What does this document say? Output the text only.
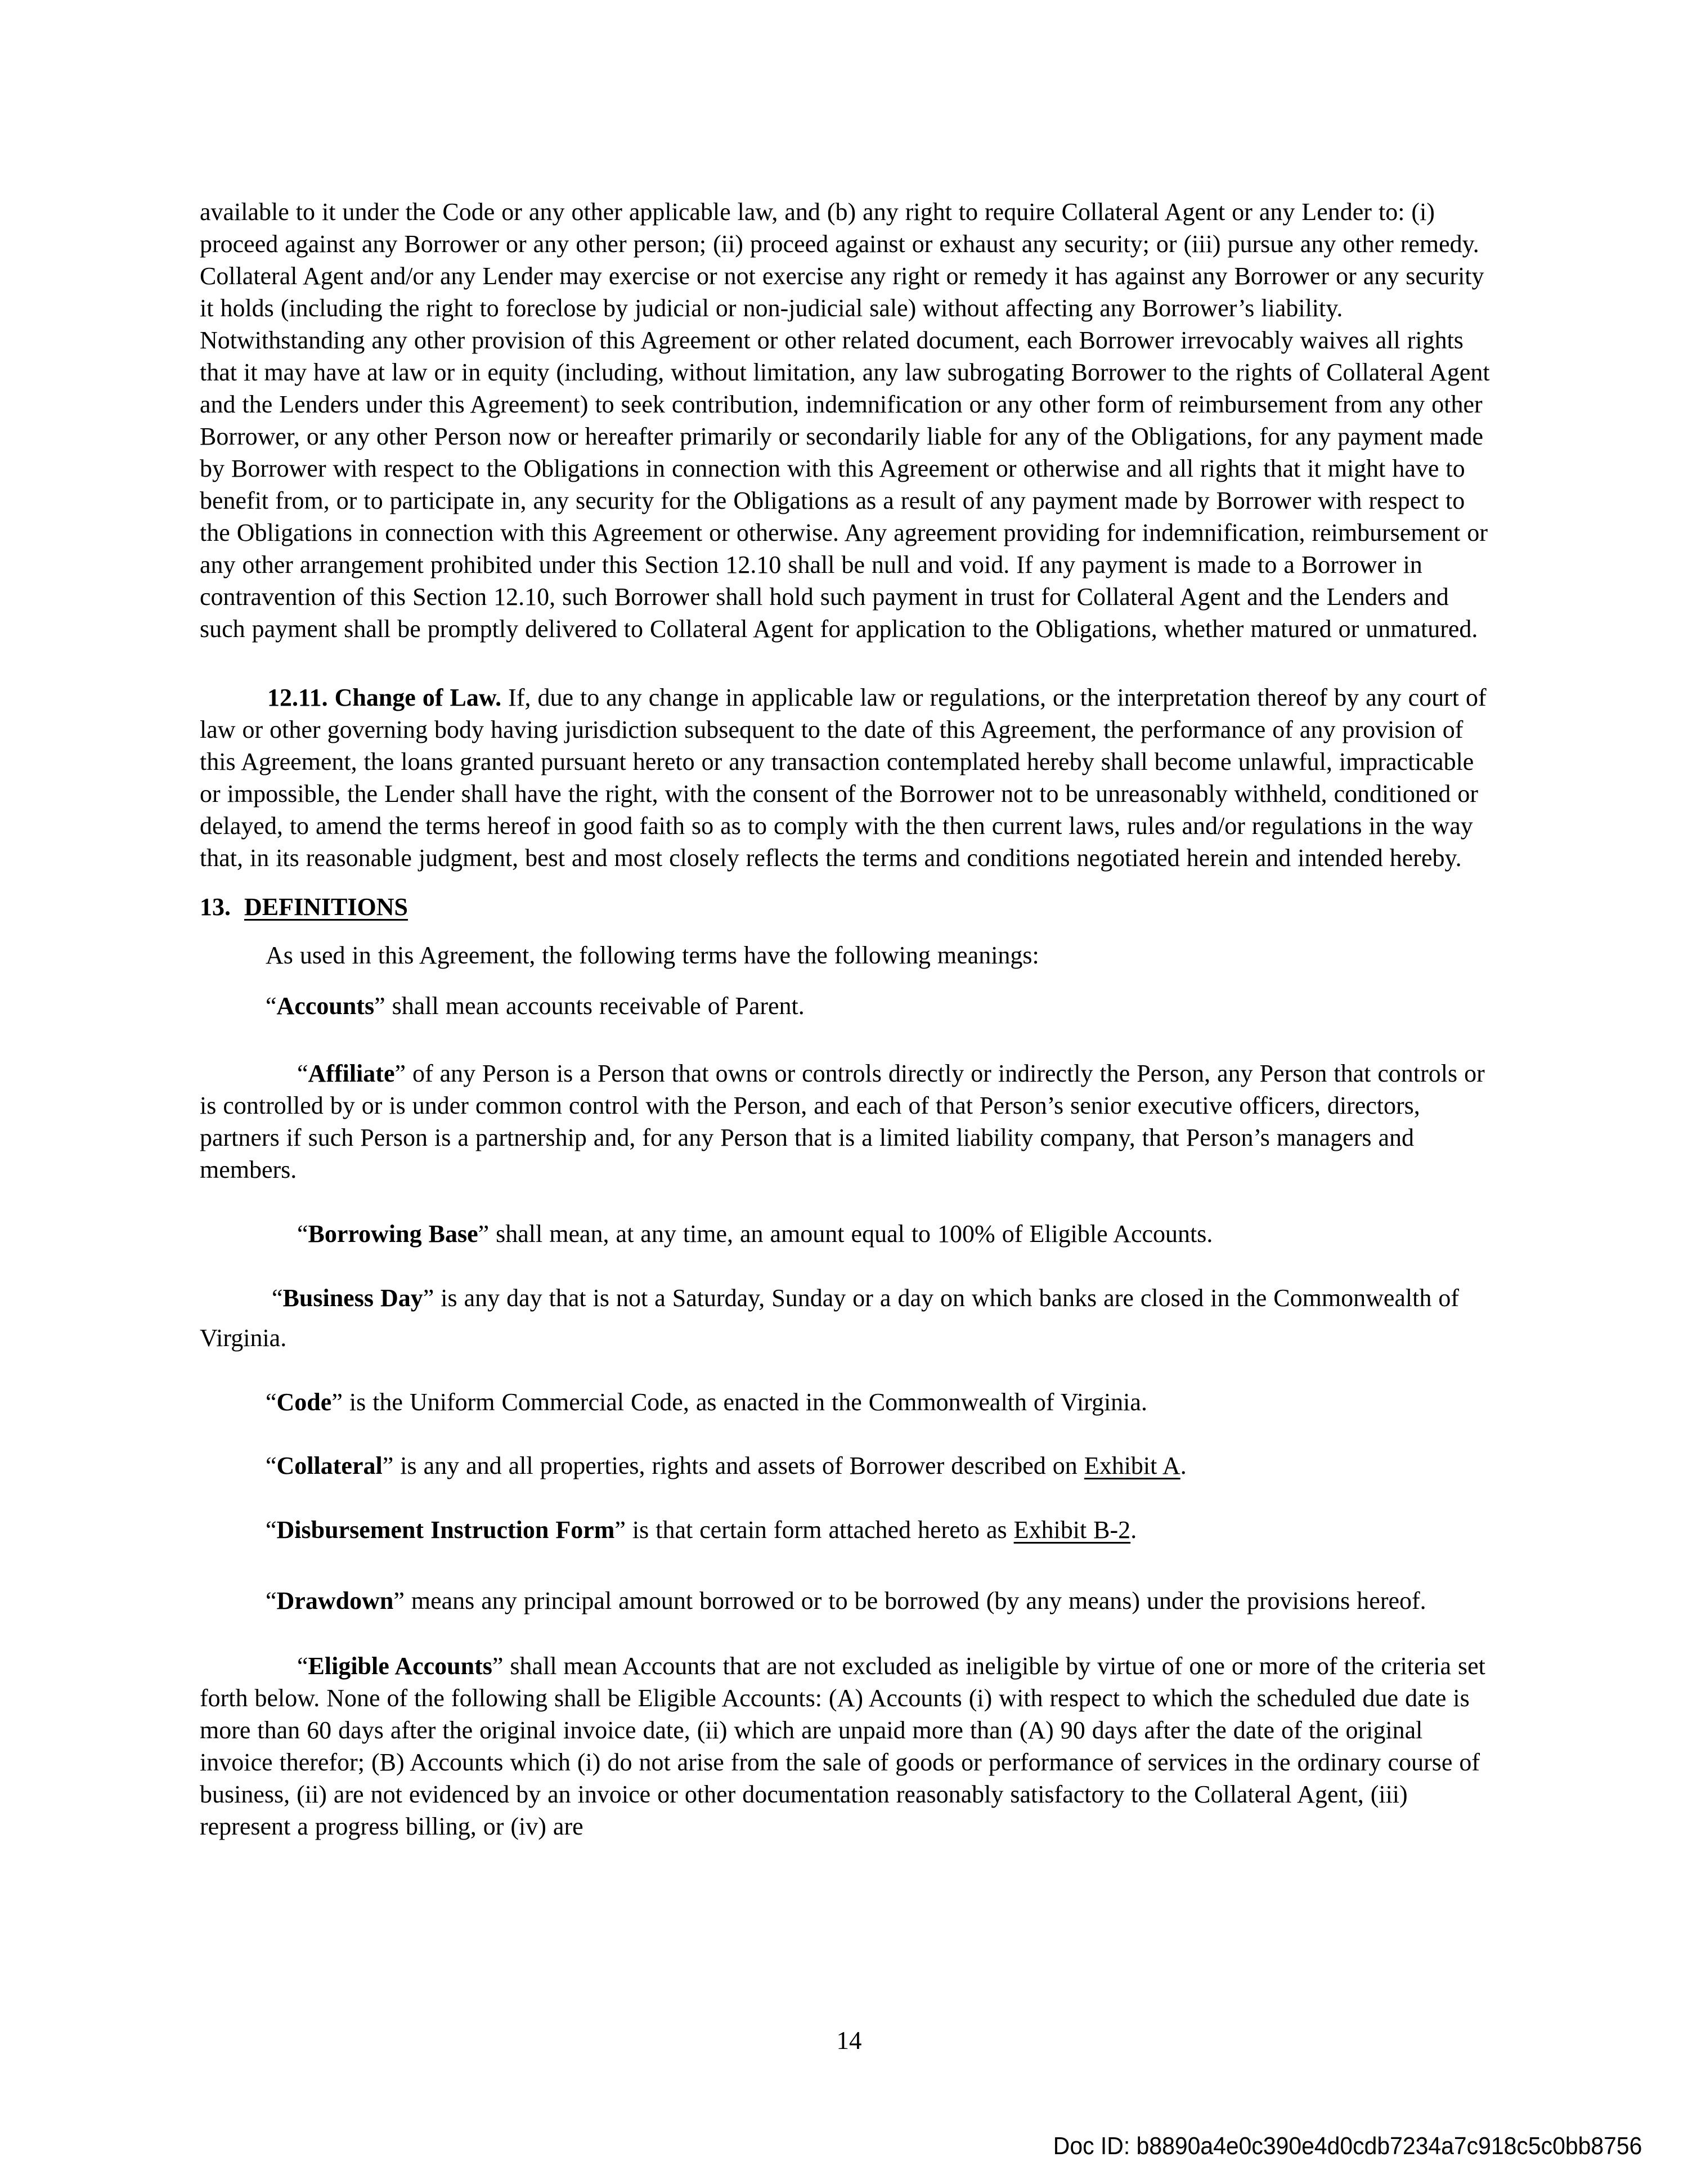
available to it under the Code or any other applicable law, and (b) any right to require Collateral Agent or any Lender to: (i) proceed against any Borrower or any other person; (ii) proceed against or exhaust any security; or (iii) pursue any other remedy. Collateral Agent and/or any Lender may exercise or not exercise any right or remedy it has against any Borrower or any security it holds (including the right to foreclose by judicial or non-judicial sale) without affecting any Borrower’s liability. Notwithstanding any other provision of this Agreement or other related document, each Borrower irrevocably waives all rights that it may have at law or in equity (including, without limitation, any law subrogating Borrower to the rights of Collateral Agent and the Lenders under this Agreement) to seek contribution, indemnification or any other form of reimbursement from any other Borrower, or any other Person now or hereafter primarily or secondarily liable for any of the Obligations, for any payment made by Borrower with respect to the Obligations in connection with this Agreement or otherwise and all rights that it might have to benefit from, or to participate in, any security for the Obligations as a result of any payment made by Borrower with respect to the Obligations in connection with this Agreement or otherwise. Any agreement providing for indemnification, reimbursement or any other arrangement prohibited under this Section 12.10 shall be null and void. If any payment is made to a Borrower in contravention of this Section 12.10, such Borrower shall hold such payment in trust for Collateral Agent and the Lenders and such payment shall be promptly delivered to Collateral Agent for application to the Obligations, whether matured or unmatured.

12.11. Change of Law. If, due to any change in applicable law or regulations, or the interpretation thereof by any court of law or other governing body having jurisdiction subsequent to the date of this Agreement, the performance of any provision of this Agreement, the loans granted pursuant hereto or any transaction contemplated hereby shall become unlawful, impracticable or impossible, the Lender shall have the right, with the consent of the Borrower not to be unreasonably withheld, conditioned or delayed, to amend the terms hereof in good faith so as to comply with the then current laws, rules and/or regulations in the way that, in its reasonable judgment, best and most closely reflects the terms and conditions negotiated herein and intended hereby.

13.  DEFINITIONS

As used in this Agreement, the following terms have the following meanings:

“Accounts” shall mean accounts receivable of Parent.

“Affiliate” of any Person is a Person that owns or controls directly or indirectly the Person, any Person that controls or is controlled by or is under common control with the Person, and each of that Person’s senior executive officers, directors, partners if such Person is a partnership and, for any Person that is a limited liability company, that Person’s managers and members.

“Borrowing Base” shall mean, at any time, an amount equal to 100% of Eligible Accounts.

“Business Day” is any day that is not a Saturday, Sunday or a day on which banks are closed in the Commonwealth of Virginia.

“Code” is the Uniform Commercial Code, as enacted in the Commonwealth of Virginia.

“Collateral” is any and all properties, rights and assets of Borrower described on Exhibit A.

“Disbursement Instruction Form” is that certain form attached hereto as Exhibit B-2.

“Drawdown” means any principal amount borrowed or to be borrowed (by any means) under the provisions hereof.

“Eligible Accounts” shall mean Accounts that are not excluded as ineligible by virtue of one or more of the criteria set forth below. None of the following shall be Eligible Accounts: (A) Accounts (i) with respect to which the scheduled due date is more than 60 days after the original invoice date, (ii) which are unpaid more than (A) 90 days after the date of the original invoice therefor; (B) Accounts which (i) do not arise from the sale of goods or performance of services in the ordinary course of business, (ii) are not evidenced by an invoice or other documentation reasonably satisfactory to the Collateral Agent, (iii) represent a progress billing, or (iv) are

14
Doc ID: b8890a4e0c390e4d0cdb7234a7c918c5c0bb8756
